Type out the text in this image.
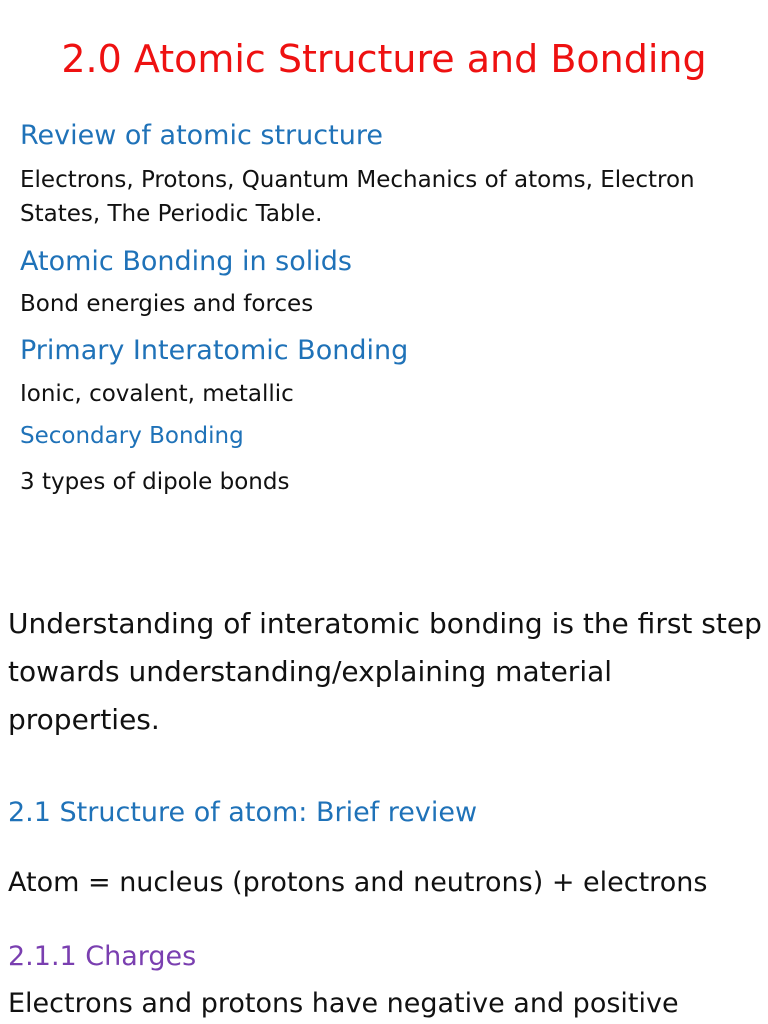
2.0 Atomic Structure and Bonding
Review of atomic structure
Electrons, Protons, Quantum Mechanics of atoms, Electron
States, The Periodic Table.
Atomic Bonding in solids
Bond energies and forces
Primary Interatomic Bonding
Ionic, covalent, metallic
Secondary Bonding
3 types of dipole bonds

Understanding of interatomic bonding is the first step

towards understanding/explaining material

properties.

2.1 Structure of atom: Brief review
Atom = nucleus (protons and neutrons) + electrons
2.1.1 Charges
Electrons and protons have negative and positive
